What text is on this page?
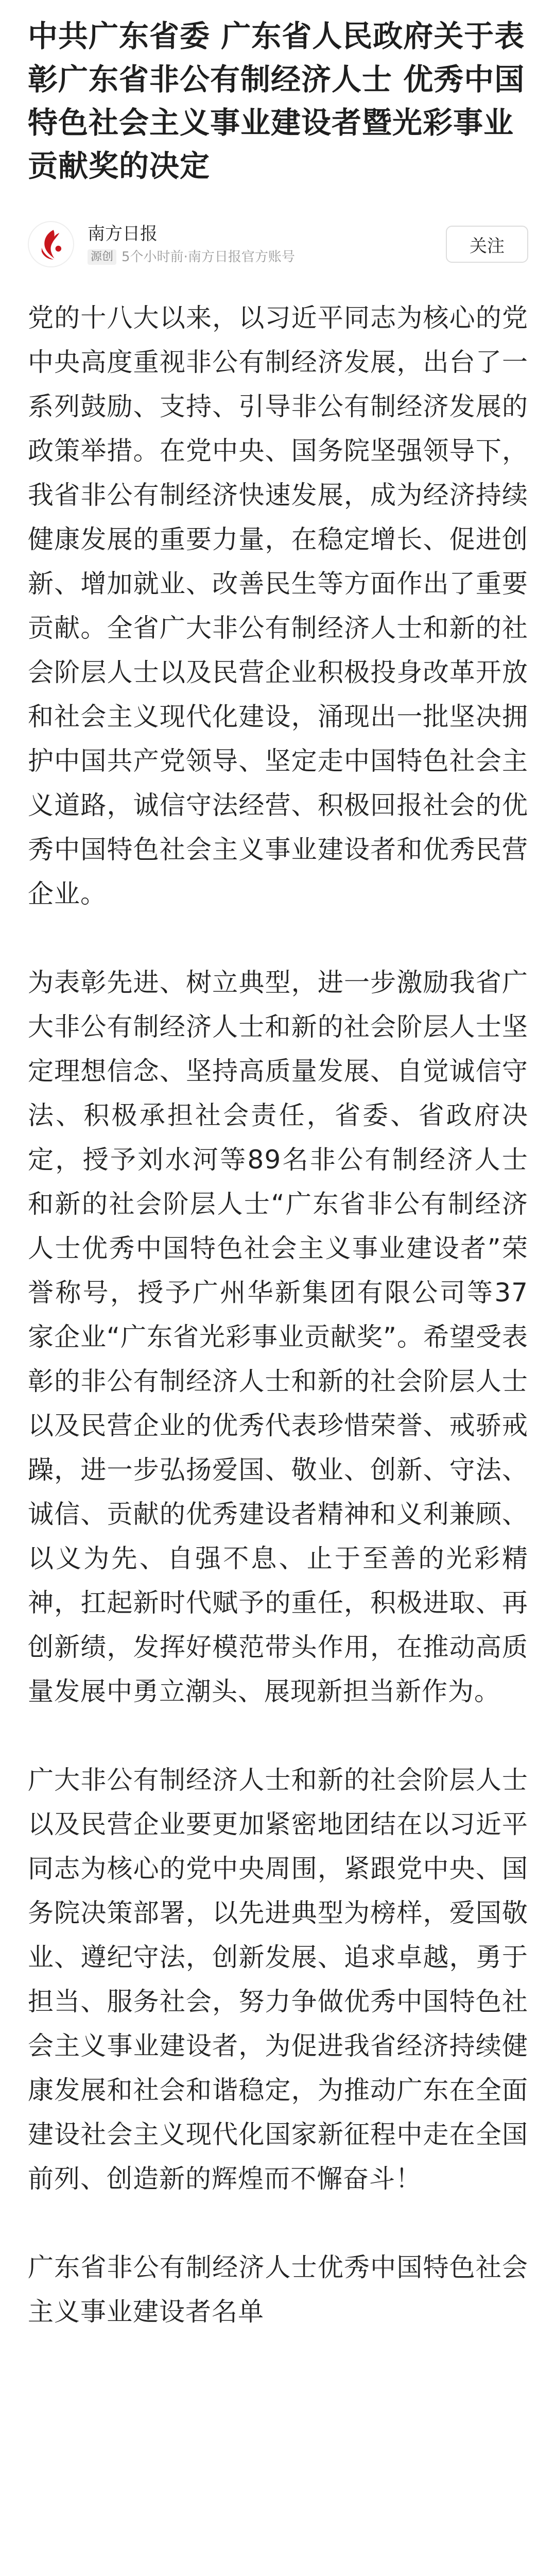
中共广东省委 广东省人民政府关于表彰广东省非公有制经济人士 优秀中国特色社会主义事业建设者暨光彩事业贡献奖的决定
南方日报
源创 5个小时前 · 南方日报官方账号
关注

党的十八大以来，以习近平同志为核心的党中央高度重视非公有制经济发展，出台了一系列鼓励、支持、引导非公有制经济发展的政策举措。在党中央、国务院坚强领导下，我省非公有制经济快速发展，成为经济持续健康发展的重要力量，在稳定增长、促进创新、增加就业、改善民生等方面作出了重要贡献。全省广大非公有制经济人士和新的社会阶层人士以及民营企业积极投身改革开放和社会主义现代化建设，涌现出一批坚决拥护中国共产党领导、坚定走中国特色社会主义道路，诚信守法经营、积极回报社会的优秀中国特色社会主义事业建设者和优秀民营企业。

为表彰先进、树立典型，进一步激励我省广大非公有制经济人士和新的社会阶层人士坚定理想信念、坚持高质量发展、自觉诚信守法、积极承担社会责任，省委、省政府决定，授予刘水河等89名非公有制经济人士和新的社会阶层人士“广东省非公有制经济人士优秀中国特色社会主义事业建设者”荣誉称号，授予广州华新集团有限公司等37家企业“广东省光彩事业贡献奖”。希望受表彰的非公有制经济人士和新的社会阶层人士以及民营企业的优秀代表珍惜荣誉、戒骄戒躁，进一步弘扬爱国、敬业、创新、守法、诚信、贡献的优秀建设者精神和义利兼顾、以义为先、自强不息、止于至善的光彩精神，扛起新时代赋予的重任，积极进取、再创新绩，发挥好模范带头作用，在推动高质量发展中勇立潮头、展现新担当新作为。

广大非公有制经济人士和新的社会阶层人士以及民营企业要更加紧密地团结在以习近平同志为核心的党中央周围，紧跟党中央、国务院决策部署，以先进典型为榜样，爱国敬业、遵纪守法，创新发展、追求卓越，勇于担当、服务社会，努力争做优秀中国特色社会主义事业建设者，为促进我省经济持续健康发展和社会和谐稳定，为推动广东在全面建设社会主义现代化国家新征程中走在全国前列、创造新的辉煌而不懈奋斗！

广东省非公有制经济人士优秀中国特色社会主义事业建设者名单
